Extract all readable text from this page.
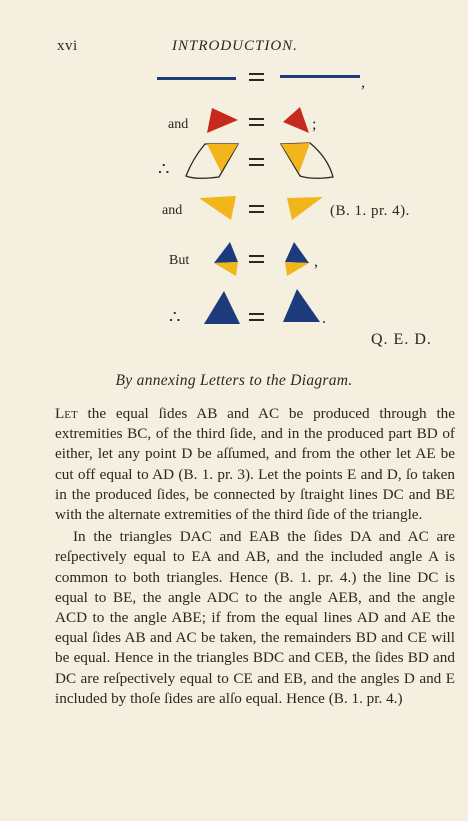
xvi	INTRODUCTION.
,
and	;
∴
and	(B. 1. pr. 4).
But	,
∴	.
Q. E. D.
By annexing Letters to the Diagram.

Let the equal ſides AB and AC be produced through the extremities BC, of the third ſide, and in the produced part BD of either, let any point D be aſſumed, and from the other let AE be cut off equal to AD (B. 1. pr. 3). Let the points E and D, ſo taken in the produced ſides, be connected by ſtraight lines DC and BE with the alternate extremities of the third ſide of the triangle.

In the triangles DAC and EAB the ſides DA and AC are reſpectively equal to EA and AB, and the included angle A is common to both triangles. Hence (B. 1. pr. 4.) the line DC is equal to BE, the angle ADC to the angle AEB, and the angle ACD to the angle ABE; if from the equal lines AD and AE the equal ſides AB and AC be taken, the remainders BD and CE will be equal. Hence in the triangles BDC and CEB, the ſides BD and DC are reſpectively equal to CE and EB, and the angles D and E included by thoſe ſides are alſo equal. Hence (B. 1. pr. 4.)
